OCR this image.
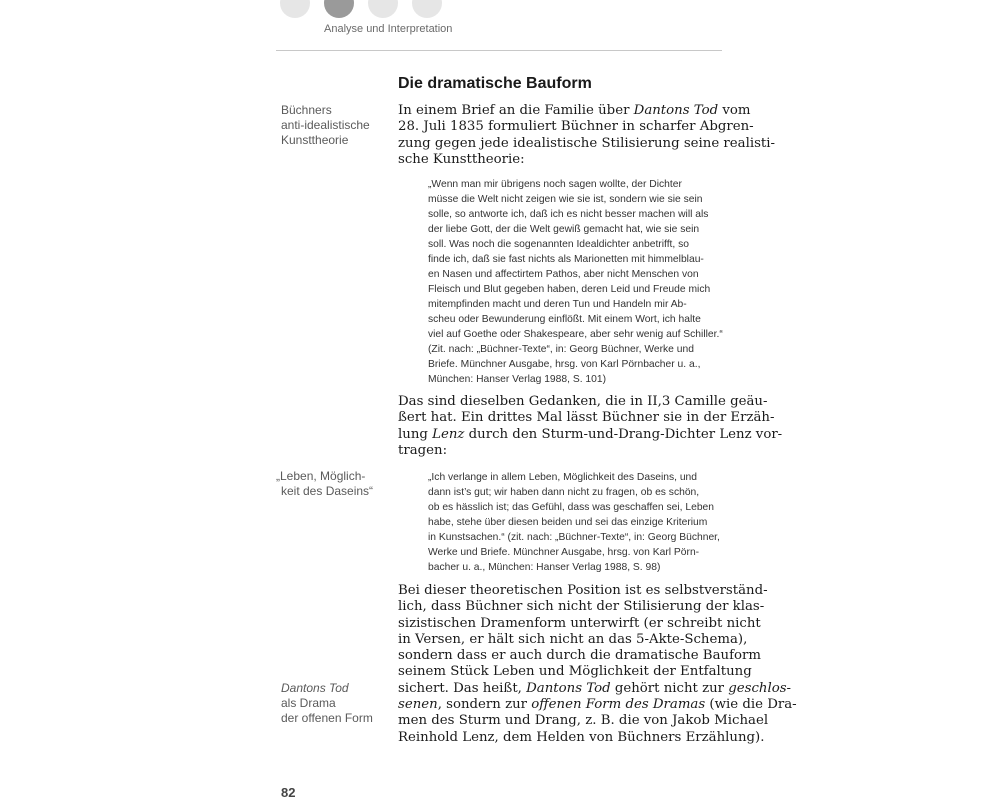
Analyse und Interpretation
Die dramatische Bauform
Büchners
anti-idealistische
Kunsttheorie
„Leben, Möglich-
keit des Daseins“
Dantons Tod
als Drama
der offenen Form
In einem Brief an die Familie über Dantons Tod vom
28. Juli 1835 formuliert Büchner in scharfer Abgren-
zung gegen jede idealistische Stilisierung seine realisti-
sche Kunsttheorie:
„Wenn man mir übrigens noch sagen wollte, der Dichter
müsse die Welt nicht zeigen wie sie ist, sondern wie sie sein
solle, so antworte ich, daß ich es nicht besser machen will als
der liebe Gott, der die Welt gewiß gemacht hat, wie sie sein
soll. Was noch die sogenannten Idealdichter anbetrifft, so
finde ich, daß sie fast nichts als Marionetten mit himmelblau-
en Nasen und affectirtem Pathos, aber nicht Menschen von
Fleisch und Blut gegeben haben, deren Leid und Freude mich
mitempfinden macht und deren Tun und Handeln mir Ab-
scheu oder Bewunderung einflößt. Mit einem Wort, ich halte
viel auf Goethe oder Shakespeare, aber sehr wenig auf Schiller.“
(Zit. nach: „Büchner-Texte“, in: Georg Büchner, Werke und
Briefe. Münchner Ausgabe, hrsg. von Karl Pörnbacher u. a.,
München: Hanser Verlag 1988, S. 101)
Das sind dieselben Gedanken, die in II,3 Camille geäu-
ßert hat. Ein drittes Mal lässt Büchner sie in der Erzäh-
lung Lenz durch den Sturm-und-Drang-Dichter Lenz vor-
tragen:
„Ich verlange in allem Leben, Möglichkeit des Daseins, und
dann ist’s gut; wir haben dann nicht zu fragen, ob es schön,
ob es hässlich ist; das Gefühl, dass was geschaffen sei, Leben
habe, stehe über diesen beiden und sei das einzige Kriterium
in Kunstsachen.“ (zit. nach: „Büchner-Texte“, in: Georg Büchner,
Werke und Briefe. Münchner Ausgabe, hrsg. von Karl Pörn-
bacher u. a., München: Hanser Verlag 1988, S. 98)
Bei dieser theoretischen Position ist es selbstverständ-
lich, dass Büchner sich nicht der Stilisierung der klas-
sizistischen Dramenform unterwirft (er schreibt nicht
in Versen, er hält sich nicht an das 5-Akte-Schema),
sondern dass er auch durch die dramatische Bauform
seinem Stück Leben und Möglichkeit der Entfaltung
sichert. Das heißt, Dantons Tod gehört nicht zur geschlos-
senen, sondern zur offenen Form des Dramas (wie die Dra-
men des Sturm und Drang, z. B. die von Jakob Michael
Reinhold Lenz, dem Helden von Büchners Erzählung).
82
